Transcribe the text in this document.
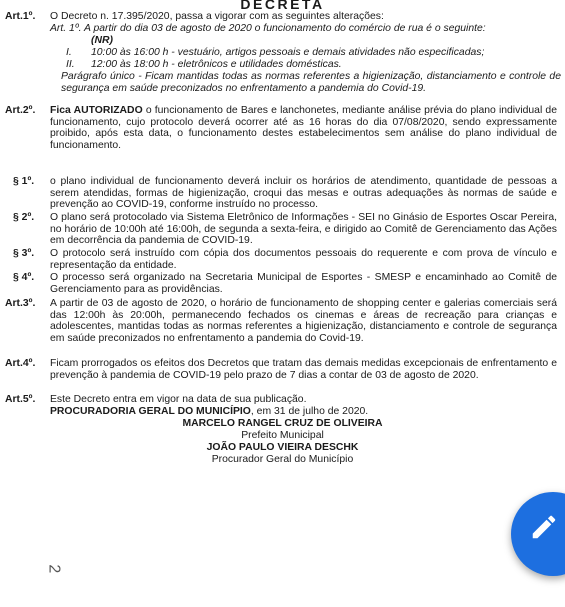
DECRETA
Art.1º. O Decreto n. 17.395/2020, passa a vigorar com as seguintes alterações:
Art. 1º. A partir do dia 03 de agosto de 2020 o funcionamento do comércio de rua é o seguinte:
(NR)
I. 10:00 às 16:00 h - vestuário, artigos pessoais e demais atividades não especificadas;
II. 12:00 às 18:00 h - eletrônicos e utilidades domésticas.
Parágrafo único - Ficam mantidas todas as normas referentes a higienização, distanciamento e controle de segurança em saúde preconizados no enfrentamento a pandemia do Covid-19.
Art.2º. Fica AUTORIZADO o funcionamento de Bares e lanchonetes, mediante análise prévia do plano individual de funcionamento, cujo protocolo deverá ocorrer até as 16 horas do dia 07/08/2020, sendo expressamente proibido, após esta data, o funcionamento destes estabelecimentos sem análise do plano individual de funcionamento.
§ 1º. o plano individual de funcionamento deverá incluir os horários de atendimento, quantidade de pessoas a serem atendidas, formas de higienização, croqui das mesas e outras adequações às normas de saúde e prevenção ao COVID-19, conforme instruído no processo.
§ 2º. O plano será protocolado via Sistema Eletrônico de Informações - SEI no Ginásio de Esportes Oscar Pereira, no horário de 10:00h até 16:00h, de segunda a sexta-feira, e dirigido ao Comitê de Gerenciamento das Ações em decorrência da pandemia de COVID-19.
§ 3º. O protocolo será instruído com cópia dos documentos pessoais do requerente e com prova de vínculo e representação da entidade.
§ 4º. O processo será organizado na Secretaria Municipal de Esportes - SMESP e encaminhado ao Comitê de Gerenciamento para as providências.
Art.3º. A partir de 03 de agosto de 2020, o horário de funcionamento de shopping center e galerias comerciais será das 12:00h às 20:00h, permanecendo fechados os cinemas e áreas de recreação para crianças e adolescentes, mantidas todas as normas referentes a higienização, distanciamento e controle de segurança em saúde preconizados no enfrentamento a pandemia do Covid-19.
Art.4º. Ficam prorrogados os efeitos dos Decretos que tratam das demais medidas excepcionais de enfrentamento e prevenção à pandemia de COVID-19 pelo prazo de 7 dias a contar de 03 de agosto de 2020.
Art.5º. Este Decreto entra em vigor na data de sua publicação.
PROCURADORIA GERAL DO MUNICÍPIO, em 31 de julho de 2020.
MARCELO RANGEL CRUZ DE OLIVEIRA
Prefeito Municipal
JOÃO PAULO VIEIRA DESCHK
Procurador Geral do Município
2
